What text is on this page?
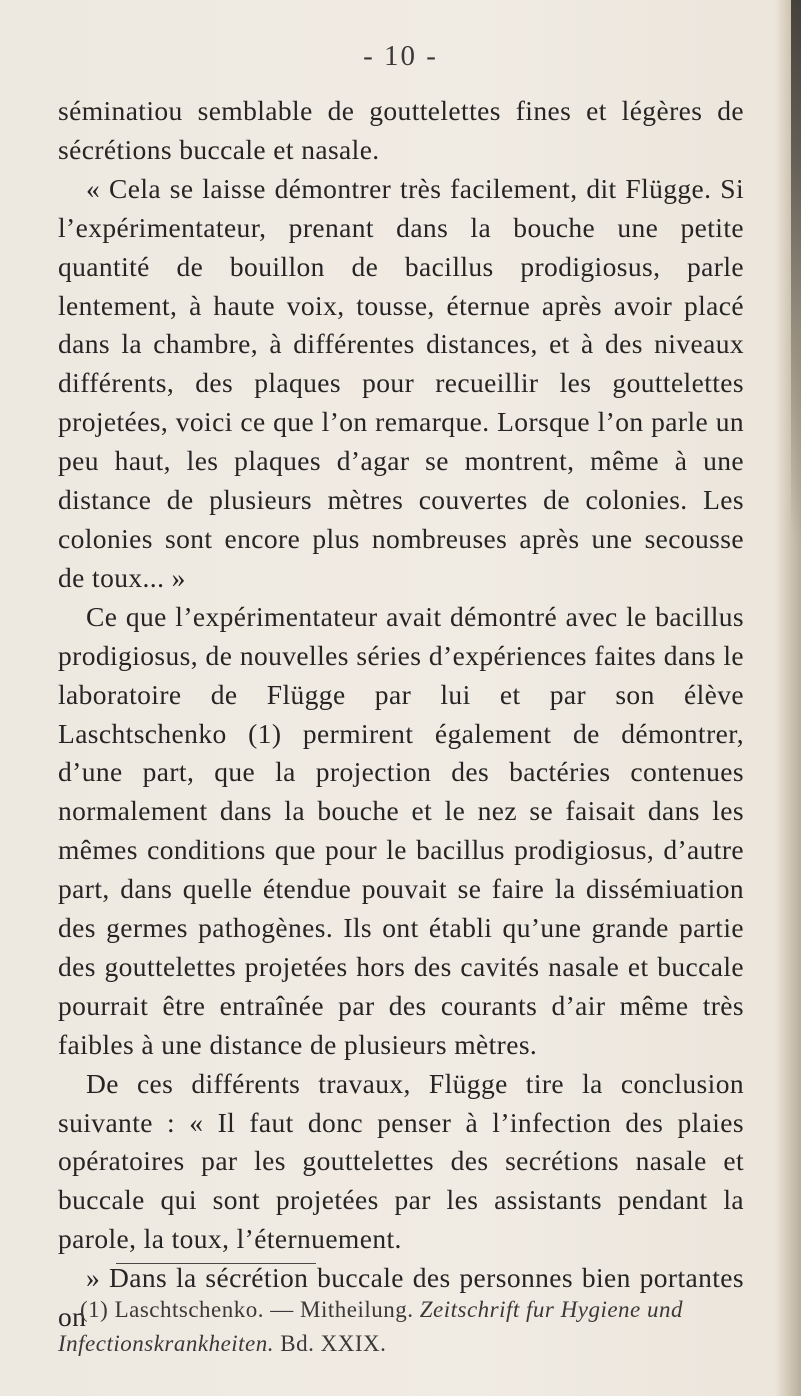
- 10 -

séminatiou semblable de gouttelettes fines et légères de sécrétions buccale et nasale.

« Cela se laisse démontrer très facilement, dit Flügge. Si l’expérimentateur, prenant dans la bouche une petite quantité de bouillon de bacillus prodigiosus, parle lentement, à haute voix, tousse, éternue après avoir placé dans la chambre, à différentes distances, et à des niveaux différents, des plaques pour recueillir les gouttelettes projetées, voici ce que l’on remarque. Lorsque l’on parle un peu haut, les plaques d’agar se montrent, même à une distance de plusieurs mètres couvertes de colonies. Les colonies sont encore plus nombreuses après une secousse de toux... »

Ce que l’expérimentateur avait démontré avec le bacillus prodigiosus, de nouvelles séries d’expériences faites dans le laboratoire de Flügge par lui et par son élève Laschtschenko (1) permirent également de démontrer, d’une part, que la projection des bactéries contenues normalement dans la bouche et le nez se faisait dans les mêmes conditions que pour le bacillus prodigiosus, d’autre part, dans quelle étendue pouvait se faire la dissémiuation des germes pathogènes. Ils ont établi qu’une grande partie des gouttelettes projetées hors des cavités nasale et buccale pourrait être entraînée par des courants d’air même très faibles à une distance de plusieurs mètres.

De ces différents travaux, Flügge tire la conclusion suivante : « Il faut donc penser à l’infection des plaies opératoires par les gouttelettes des secrétions nasale et buccale qui sont projetées par les assistants pendant la parole, la toux, l’éternuement.

» Dans la sécrétion buccale des personnes bien portantes on

(1) Laschtschenko. — Mitheilung. Zeitschrift fur Hygiene und Infectionskrankheiten. Bd. XXIX.
